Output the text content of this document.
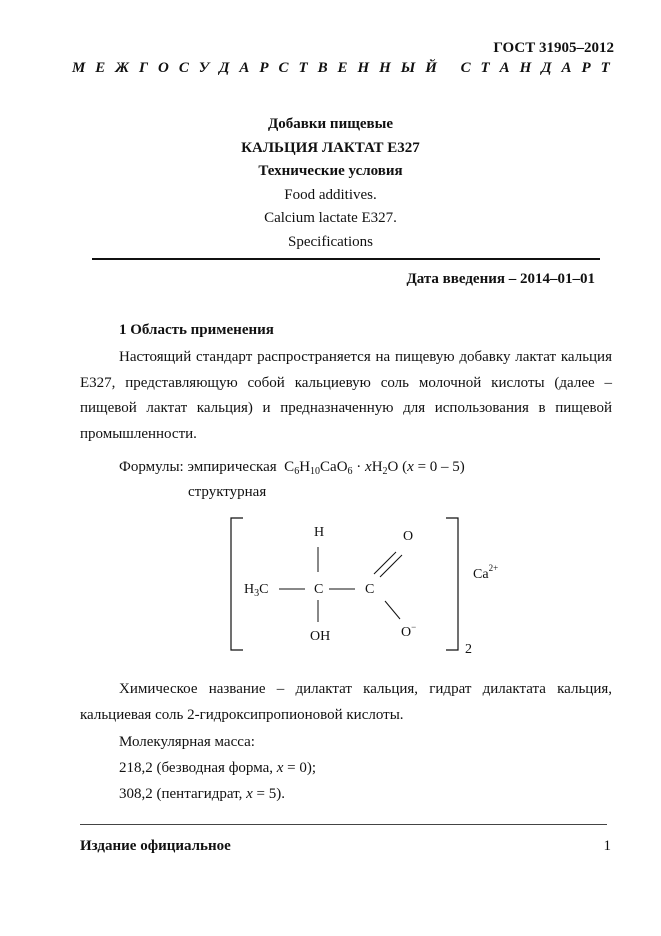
ГОСТ 31905–2012
М Е Ж Г О С У Д А Р С Т В Е Н Н Ы Й
С Т А Н Д А Р Т
Добавки пищевые
КАЛЬЦИЯ ЛАКТАТ Е327
Технические условия
Food additives.
Calcium lactate E327.
Specifications
Дата введения – 2014–01–01
1 Область применения
Настоящий стандарт распространяется на пищевую добавку лактат кальция Е327, представляющую собой кальциевую соль молочной кислоты (далее – пищевой лактат кальция) и предназначенную для использования в пищевой промышленности.
Формулы: эмпирическая $C_6H_{10}CaO_6 \cdot xH_2O$ (x = 0 – 5)
структурная
H	O
$H_3C$	C	C
OH	O−
$Ca^{2+}$
2
Химическое название – дилактат кальция, гидрат дилактата кальция, кальциевая соль 2-гидроксипропионовой кислоты.
Молекулярная масса:
218,2 (безводная форма, x = 0);
308,2 (пентагидрат, x = 5).
Издание официальное	1
